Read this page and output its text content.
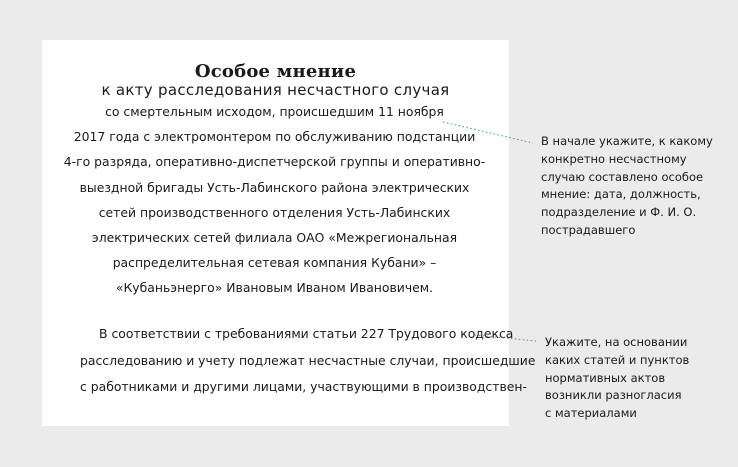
Особое мнение

к акту расследования несчастного случая

со смертельным исходом, происшедшим 11 ноября
2017 года с электромонтером по обслуживанию подстанции
4-го разряда, оперативно-диспетчерской группы и оперативно-
выездной бригады Усть-Лабинского района электрических
сетей производственного отделения Усть-Лабинских
электрических сетей филиала ОАО «Межрегиональная
распределительная сетевая компания Кубани» –
«Кубаньэнерго» Ивановым Иваном Ивановичем.

В соответствии с требованиями статьи 227 Трудового кодекса
расследованию и учету подлежат несчастные случаи, происшедшие
с работниками и другими лицами, участвующими в производствен-

В начале укажите, к какому
конкретно несчастному
случаю составлено особое
мнение: дата, должность,
подразделение и Ф. И. О.
пострадавшего
Укажите, на основании
каких статей и пунктов
нормативных актов
возникли разногласия
с материалами
